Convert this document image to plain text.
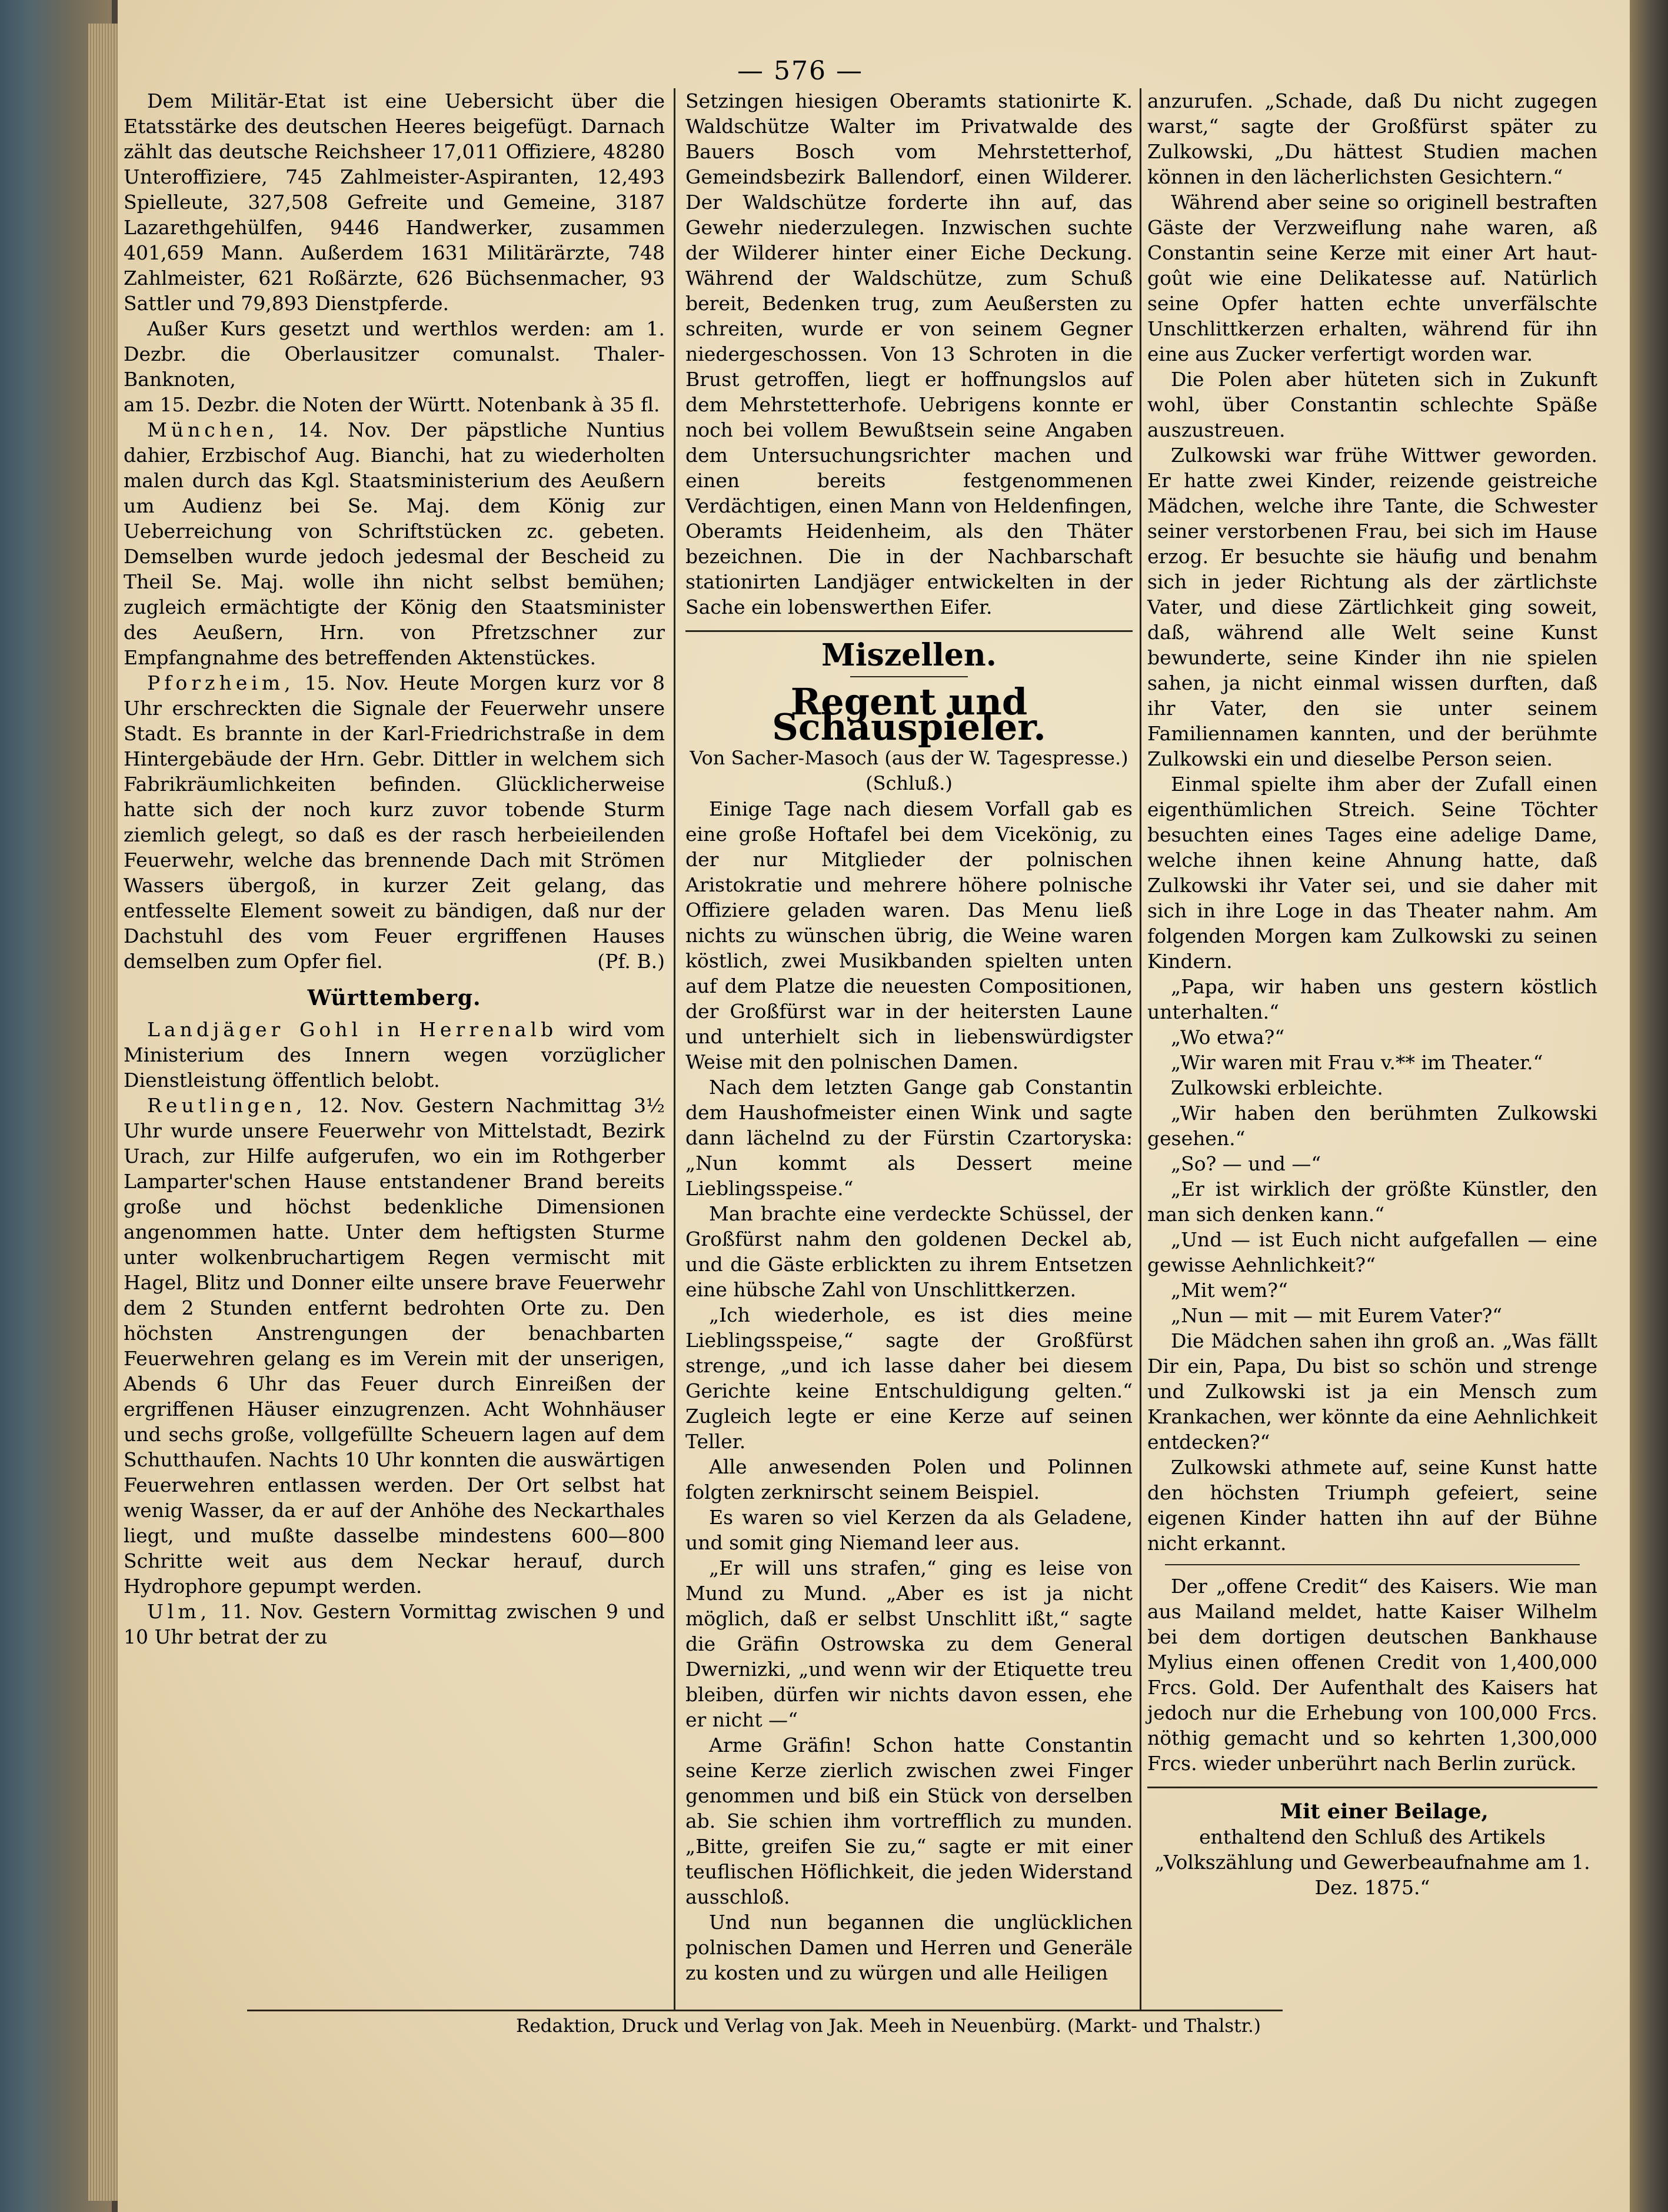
— 576 —

Dem Militär-Etat ist eine Uebersicht über die Etatsstärke des deutschen Heeres beigefügt. Darnach zählt das deutsche Reichsheer 17,011 Offiziere, 48280 Unteroffiziere, 745 Zahlmeister-Aspiranten, 12,493 Spielleute, 327,508 Gefreite und Gemeine, 3187 Lazarethgehülfen, 9446 Handwerker, zusammen 401,659 Mann. Außerdem 1631 Militärärzte, 748 Zahlmeister, 621 Roßärzte, 626 Büchsenmacher, 93 Sattler und 79,893 Dienstpferde.

Außer Kurs gesetzt und werthlos werden: am 1. Dezbr. die Oberlausitzer comunalst. Thaler-Banknoten,

am 15. Dezbr. die Noten der Württ. Notenbank à 35 fl.

München, 14. Nov. Der päpstliche Nuntius dahier, Erzbischof Aug. Bianchi, hat zu wiederholten malen durch das Kgl. Staatsministerium des Aeußern um Audienz bei Se. Maj. dem König zur Ueberreichung von Schriftstücken zc. gebeten. Demselben wurde jedoch jedesmal der Bescheid zu Theil Se. Maj. wolle ihn nicht selbst bemühen; zugleich ermächtigte der König den Staatsminister des Aeußern, Hrn. von Pfretzschner zur Empfangnahme des betreffenden Aktenstückes.

Pforzheim, 15. Nov. Heute Morgen kurz vor 8 Uhr erschreckten die Signale der Feuerwehr unsere Stadt. Es brannte in der Karl-Friedrichstraße in dem Hintergebäude der Hrn. Gebr. Dittler in welchem sich Fabrikräumlichkeiten befinden. Glücklicherweise hatte sich der noch kurz zuvor tobende Sturm ziemlich gelegt, so daß es der rasch herbeieilenden Feuerwehr, welche das brennende Dach mit Strömen Wassers übergoß, in kurzer Zeit gelang, das entfesselte Element soweit zu bändigen, daß nur der Dachstuhl des vom Feuer ergriffenen Hauses demselben zum Opfer fiel.	(Pf. B.)

Württemberg.

Landjäger Gohl in Herrenalb wird vom Ministerium des Innern wegen vorzüglicher Dienstleistung öffentlich belobt.

Reutlingen, 12. Nov. Gestern Nachmittag 3½ Uhr wurde unsere Feuerwehr von Mittelstadt, Bezirk Urach, zur Hilfe aufgerufen, wo ein im Rothgerber Lamparter'schen Hause entstandener Brand bereits große und höchst bedenkliche Dimensionen angenommen hatte. Unter dem heftigsten Sturme unter wolkenbruchartigem Regen vermischt mit Hagel, Blitz und Donner eilte unsere brave Feuerwehr dem 2 Stunden entfernt bedrohten Orte zu. Den höchsten Anstrengungen der benachbarten Feuerwehren gelang es im Verein mit der unserigen, Abends 6 Uhr das Feuer durch Einreißen der ergriffenen Häuser einzugrenzen. Acht Wohnhäuser und sechs große, vollgefüllte Scheuern lagen auf dem Schutthaufen. Nachts 10 Uhr konnten die auswärtigen Feuerwehren entlassen werden. Der Ort selbst hat wenig Wasser, da er auf der Anhöhe des Neckarthales liegt, und mußte dasselbe mindestens 600—800 Schritte weit aus dem Neckar herauf, durch Hydrophore gepumpt werden.

Ulm, 11. Nov. Gestern Vormittag zwischen 9 und 10 Uhr betrat der zu

Setzingen hiesigen Oberamts stationirte K. Waldschütze Walter im Privatwalde des Bauers Bosch vom Mehrstetterhof, Gemeindsbezirk Ballendorf, einen Wilderer. Der Waldschütze forderte ihn auf, das Gewehr niederzulegen. Inzwischen suchte der Wilderer hinter einer Eiche Deckung. Während der Waldschütze, zum Schuß bereit, Bedenken trug, zum Aeußersten zu schreiten, wurde er von seinem Gegner niedergeschossen. Von 13 Schroten in die Brust getroffen, liegt er hoffnungslos auf dem Mehrstetterhofe. Uebrigens konnte er noch bei vollem Bewußtsein seine Angaben dem Untersuchungsrichter machen und einen bereits festgenommenen Verdächtigen, einen Mann von Heldenfingen, Oberamts Heidenheim, als den Thäter bezeichnen. Die in der Nachbarschaft stationirten Landjäger entwickelten in der Sache ein lobenswerthen Eifer.

Miszellen.
Regent und Schauspieler.
Von Sacher-Masoch (aus der W. Tagespresse.)
(Schluß.)

Einige Tage nach diesem Vorfall gab es eine große Hoftafel bei dem Vicekönig, zu der nur Mitglieder der polnischen Aristokratie und mehrere höhere polnische Offiziere geladen waren. Das Menu ließ nichts zu wünschen übrig, die Weine waren köstlich, zwei Musikbanden spielten unten auf dem Platze die neuesten Compositionen, der Großfürst war in der heitersten Laune und unterhielt sich in liebenswürdigster Weise mit den polnischen Damen.

Nach dem letzten Gange gab Constantin dem Haushofmeister einen Wink und sagte dann lächelnd zu der Fürstin Czartoryska: „Nun kommt als Dessert meine Lieblingsspeise.“

Man brachte eine verdeckte Schüssel, der Großfürst nahm den goldenen Deckel ab, und die Gäste erblickten zu ihrem Entsetzen eine hübsche Zahl von Unschlittkerzen.

„Ich wiederhole, es ist dies meine Lieblingsspeise,“ sagte der Großfürst strenge, „und ich lasse daher bei diesem Gerichte keine Entschuldigung gelten.“ Zugleich legte er eine Kerze auf seinen Teller.

Alle anwesenden Polen und Polinnen folgten zerknirscht seinem Beispiel.

Es waren so viel Kerzen da als Geladene, und somit ging Niemand leer aus.

„Er will uns strafen,“ ging es leise von Mund zu Mund. „Aber es ist ja nicht möglich, daß er selbst Unschlitt ißt,“ sagte die Gräfin Ostrowska zu dem General Dwernizki, „und wenn wir der Etiquette treu bleiben, dürfen wir nichts davon essen, ehe er nicht —“

Arme Gräfin! Schon hatte Constantin seine Kerze zierlich zwischen zwei Finger genommen und biß ein Stück von derselben ab. Sie schien ihm vortrefflich zu munden. „Bitte, greifen Sie zu,“ sagte er mit einer teuflischen Höflichkeit, die jeden Widerstand ausschloß.

Und nun begannen die unglücklichen polnischen Damen und Herren und Generäle zu kosten und zu würgen und alle Heiligen

anzurufen. „Schade, daß Du nicht zugegen warst,“ sagte der Großfürst später zu Zulkowski, „Du hättest Studien machen können in den lächerlichsten Gesichtern.“

Während aber seine so originell bestraften Gäste der Verzweiflung nahe waren, aß Constantin seine Kerze mit einer Art haut-goût wie eine Delikatesse auf. Natürlich seine Opfer hatten echte unverfälschte Unschlittkerzen erhalten, während für ihn eine aus Zucker verfertigt worden war.

Die Polen aber hüteten sich in Zukunft wohl, über Constantin schlechte Späße auszustreuen.

Zulkowski war frühe Wittwer geworden. Er hatte zwei Kinder, reizende geistreiche Mädchen, welche ihre Tante, die Schwester seiner verstorbenen Frau, bei sich im Hause erzog. Er besuchte sie häufig und benahm sich in jeder Richtung als der zärtlichste Vater, und diese Zärtlichkeit ging soweit, daß, während alle Welt seine Kunst bewunderte, seine Kinder ihn nie spielen sahen, ja nicht einmal wissen durften, daß ihr Vater, den sie unter seinem Familiennamen kannten, und der berühmte Zulkowski ein und dieselbe Person seien.

Einmal spielte ihm aber der Zufall einen eigenthümlichen Streich. Seine Töchter besuchten eines Tages eine adelige Dame, welche ihnen keine Ahnung hatte, daß Zulkowski ihr Vater sei, und sie daher mit sich in ihre Loge in das Theater nahm. Am folgenden Morgen kam Zulkowski zu seinen Kindern.

„Papa, wir haben uns gestern köstlich unterhalten.“

„Wo etwa?“

„Wir waren mit Frau v.** im Theater.“

Zulkowski erbleichte.

„Wir haben den berühmten Zulkowski gesehen.“

„So? — und —“

„Er ist wirklich der größte Künstler, den man sich denken kann.“

„Und — ist Euch nicht aufgefallen — eine gewisse Aehnlichkeit?“

„Mit wem?“

„Nun — mit — mit Eurem Vater?“

Die Mädchen sahen ihn groß an. „Was fällt Dir ein, Papa, Du bist so schön und strenge und Zulkowski ist ja ein Mensch zum Krankachen, wer könnte da eine Aehnlichkeit entdecken?“

Zulkowski athmete auf, seine Kunst hatte den höchsten Triumph gefeiert, seine eigenen Kinder hatten ihn auf der Bühne nicht erkannt.

Der „offene Credit“ des Kaisers. Wie man aus Mailand meldet, hatte Kaiser Wilhelm bei dem dortigen deutschen Bankhause Mylius einen offenen Credit von 1,400,000 Frcs. Gold. Der Aufenthalt des Kaisers hat jedoch nur die Erhebung von 100,000 Frcs. nöthig gemacht und so kehrten 1,300,000 Frcs. wieder unberührt nach Berlin zurück.

Mit einer Beilage,

enthaltend den Schluß des Artikels „Volkszählung und Gewerbeaufnahme am 1. Dez. 1875.“

Redaktion, Druck und Verlag von Jak. Meeh in Neuenbürg. (Markt- und Thalstr.)
